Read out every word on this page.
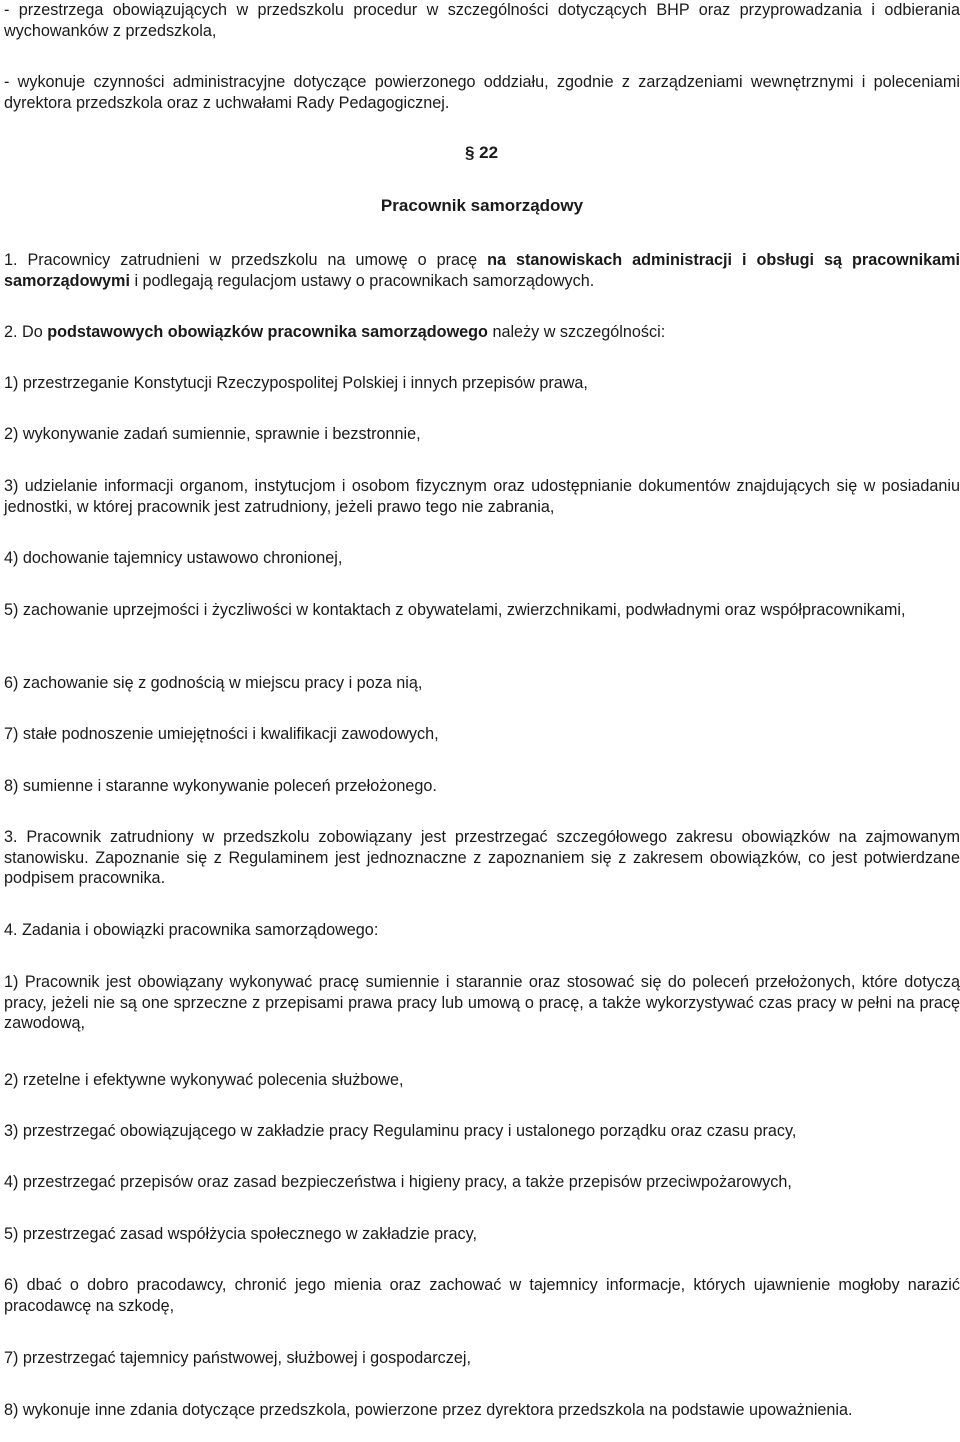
- przestrzega obowiązujących w przedszkolu procedur w szczególności dotyczących BHP oraz przyprowadzania i odbierania wychowanków z przedszkola,

- wykonuje czynności administracyjne dotyczące powierzonego oddziału, zgodnie z zarządzeniami wewnętrznymi i poleceniami dyrektora przedszkola oraz z uchwałami Rady Pedagogicznej.

§ 22
Pracownik samorządowy

1. Pracownicy zatrudnieni w przedszkolu na umowę o pracę na stanowiskach administracji i obsługi są pracownikami samorządowymi i podlegają regulacjom ustawy o pracownikach samorządowych.

2. Do podstawowych obowiązków pracownika samorządowego należy w szczególności:

1) przestrzeganie Konstytucji Rzeczypospolitej Polskiej i innych przepisów prawa,

2) wykonywanie zadań sumiennie, sprawnie i bezstronnie,

3) udzielanie informacji organom, instytucjom i osobom fizycznym oraz udostępnianie dokumentów znajdujących się w posiadaniu jednostki, w której pracownik jest zatrudniony, jeżeli prawo tego nie zabrania,

4) dochowanie tajemnicy ustawowo chronionej,

5) zachowanie uprzejmości i życzliwości w kontaktach z obywatelami, zwierzchnikami, podwładnymi oraz współpracownikami,

6) zachowanie się z godnością w miejscu pracy i poza nią,

7) stałe podnoszenie umiejętności i kwalifikacji zawodowych,

8) sumienne i staranne wykonywanie poleceń przełożonego.

3. Pracownik zatrudniony w przedszkolu zobowiązany jest przestrzegać szczegółowego zakresu obowiązków na zajmowanym stanowisku. Zapoznanie się z Regulaminem jest jednoznaczne z zapoznaniem się z zakresem obowiązków, co jest potwierdzane podpisem pracownika.

4. Zadania i obowiązki pracownika samorządowego:

1) Pracownik jest obowiązany wykonywać pracę sumiennie i starannie oraz stosować się do poleceń przełożonych, które dotyczą pracy, jeżeli nie są one sprzeczne z przepisami prawa pracy lub umową o pracę, a także wykorzystywać czas pracy w pełni na pracę zawodową,

2) rzetelne i efektywne wykonywać polecenia służbowe,

3) przestrzegać obowiązującego w zakładzie pracy Regulaminu pracy i ustalonego porządku oraz czasu pracy,

4) przestrzegać przepisów oraz zasad bezpieczeństwa i higieny pracy, a także przepisów przeciwpożarowych,

5) przestrzegać zasad współżycia społecznego w zakładzie pracy,

6) dbać o dobro pracodawcy, chronić jego mienia oraz zachować w tajemnicy informacje, których ujawnienie mogłoby narazić pracodawcę na szkodę,

7) przestrzegać tajemnicy państwowej, służbowej i gospodarczej,

8) wykonuje inne zdania dotyczące przedszkola, powierzone przez dyrektora przedszkola na podstawie upoważnienia.
